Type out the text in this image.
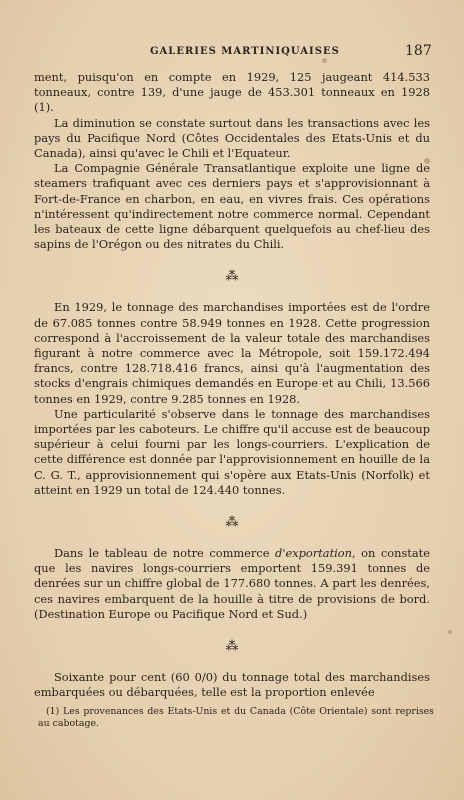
GALERIES MARTINIQUAISES	187

ment, puisqu'on en compte en 1929, 125 jaugeant 414.533 tonneaux, contre 139, d'une jauge de 453.301 tonneaux en 1928 (1).

La diminution se constate surtout dans les transactions avec les pays du Pacifique Nord (Côtes Occidentales des Etats-Unis et du Canada), ainsi qu'avec le Chili et l'Equateur.

La Compagnie Générale Transatlantique exploite une ligne de steamers trafiquant avec ces derniers pays et s'approvisionnant à Fort-de-France en charbon, en eau, en vivres frais. Ces opérations n'intéressent qu'indirectement notre commerce normal. Cependant les bateaux de cette ligne débarquent quelquefois au chef-lieu des sapins de l'Orégon ou des nitrates du Chili.

⁂

En 1929, le tonnage des marchandises importées est de l'ordre de 67.085 tonnes contre 58.949 tonnes en 1928. Cette progression correspond à l'accroissement de la valeur totale des marchandises figurant à notre commerce avec la Métropole, soit 159.172.494 francs, contre 128.718.416 francs, ainsi qu'à l'augmentation des stocks d'engrais chimiques demandés en Europe et au Chili, 13.566 tonnes en 1929, contre 9.285 tonnes en 1928.

Une particularité s'observe dans le tonnage des marchandises importées par les caboteurs. Le chiffre qu'il accuse est de beaucoup supérieur à celui fourni par les longs-courriers. L'explication de cette différence est donnée par l'approvisionnement en houille de la C. G. T., approvisionnement qui s'opère aux Etats-Unis (Norfolk) et atteint en 1929 un total de 124.440 tonnes.

⁂

Dans le tableau de notre commerce d'exportation, on constate que les navires longs-courriers emportent 159.391 tonnes de denrées sur un chiffre global de 177.680 tonnes. A part les denrées, ces navires embarquent de la houille à titre de provisions de bord. (Destination Europe ou Pacifique Nord et Sud.)

⁂

Soixante pour cent (60 0/0) du tonnage total des marchandises embarquées ou débarquées, telle est la proportion enlevée

(1) Les provenances des Etats-Unis et du Canada (Côte Orientale) sont reprises au cabotage.
